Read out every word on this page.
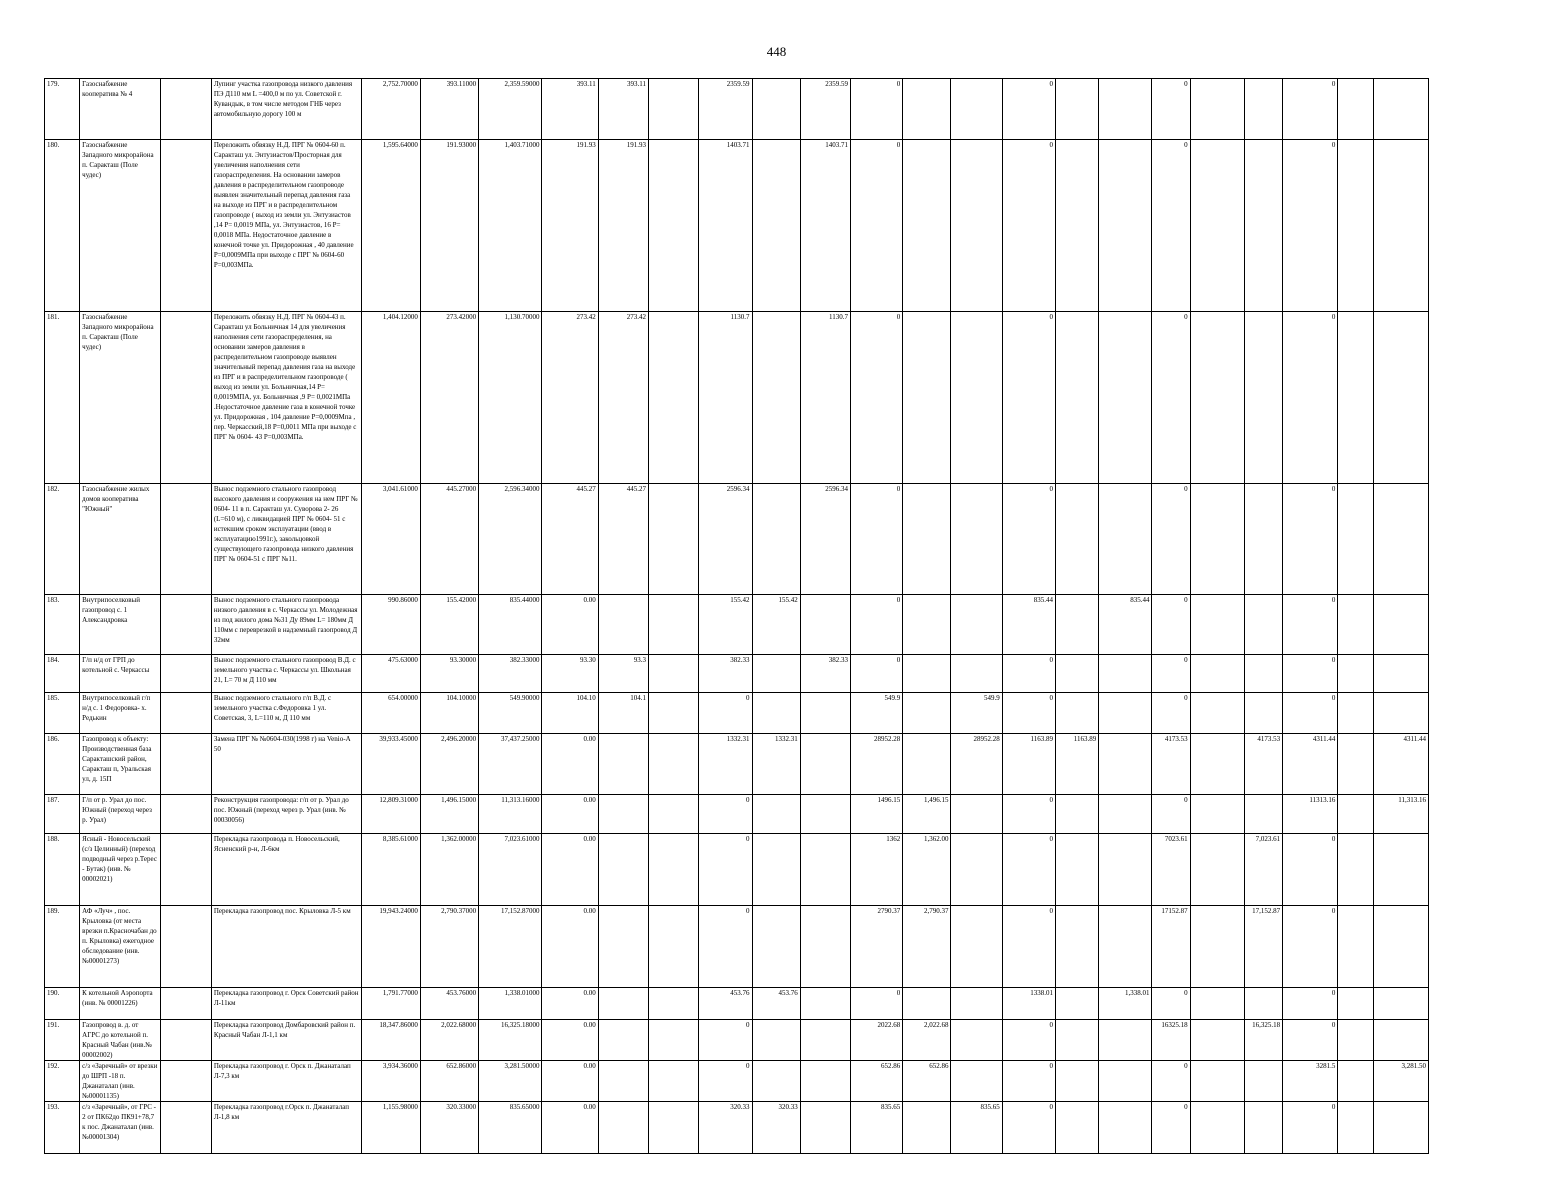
448
179.	Газоснабжение кооператива № 4		Лупинг участка газопровода низкого давления ПЭ Д110 мм L =400,0 м по ул. Советской г. Кувандык, в том числе методом ГНБ через автомобильную дорогу 100 м	2,752.70000	393.11000	2,359.59000	393.11	393.11		2359.59		2359.59	0			0			0			0		
180.	Газоснабжение Западного микрорайона п. Саракташ (Поле чудес)		Переложить обвязку Н.Д. ПРГ № 0604-60 п. Саракташ ул. Энтузиастов/Просторная для увеличения наполнения сети газораспределения. На основании замеров давления в распределительном газопроводе выявлен значительный перепад давления газа на выходе из ПРГ и в распределительном газопроводе ( выход из земли ул. Энтузиастов ,14 Р= 0,0019 МПа, ул. Энтузиастов, 16 Р= 0,0018 МПа. Недостаточное давление в конечной точке ул. Придорожная , 40 давление Р=0,0009МПа при выходе с ПРГ № 0604-60 Р=0,003МПа.	1,595.64000	191.93000	1,403.71000	191.93	191.93		1403.71		1403.71	0			0			0			0		
181.	Газоснабжение Западного микрорайона п. Саракташ (Поле чудес)		Переложить обвязку Н.Д. ПРГ № 0604-43 п. Саракташ ул Больничная 14 для увеличения наполнения сети газораспределения, на основании замеров давления в распределительном газопроводе выявлен значительный перепад давления газа на выходе из ПРГ и в распределительном газопроводе ( выход из земли ул. Больничная,14 Р= 0,0019МПА, ул. Больничная ,9 Р= 0,0021МПа .Недостаточное давление газа в конечной точке ул. Придорожная , 104 давление Р=0,0009Мпа , пер. Черкасский,18 Р=0,0011 МПа при выходе с ПРГ № 0604- 43 Р=0,003МПа.	1,404.12000	273.42000	1,130.70000	273.42	273.42		1130.7		1130.7	0			0			0			0		
182.	Газоснабжение жилых домов кооператива "Южный"		Вынос подземного стального газопровод высокого давления и сооружения на нем ПРГ № 0604- 11 в п. Саракташ ул. Суворова 2- 26 (L=610 м), с ликвидацией ПРГ № 0604- 51 с истекшим сроком эксплуатации (ввод в эксплуатацию1991г.), закольцовкой существующего газопровода низкого давления ПРГ № 0604-51 с ПРГ №11.	3,041.61000	445.27000	2,596.34000	445.27	445.27		2596.34		2596.34	0			0			0			0		
183.	Внутрипоселковый газопровод с. 1 Александровка		Вынос подземного стального газопровода низкого давления в с. Черкассы ул. Молодежная из под жилого дома №31 Ду 89мм L= 180мм Д 110мм с переврезкой в надземный газопровод Д 32мм	990.86000	155.42000	835.44000	0.00			155.42	155.42		0			835.44		835.44	0			0		
184.	Г/п н/д от ГРП до котельной с. Черкассы		Вынос подземного стального газопровод В.Д. с земельного участка с. Черкассы ул. Школьная 21, L= 70 м Д 110 мм	475.63000	93.30000	382.33000	93.30	93.3		382.33		382.33	0			0			0			0		
185.	Внутрипоселковый г/п н/д с. 1 Федоровка- х. Редькин		Вынос подземного стального г/п В.Д. с земельного участка с.Федоровка 1 ул. Советская, 3, L=110 м, Д 110 мм	654.00000	104.10000	549.90000	104.10	104.1		0			549.9		549.9	0			0			0		
186.	Газопровод к объекту: Производственная база Саракташский район, Саракташ п, Уральская ул, д. 15П		Замена ПРГ № №0604-030(1998 г) на Venio-A 50	39,933.45000	2,496.20000	37,437.25000	0.00			1332.31	1332.31		28952.28		28952.28	1163.89	1163.89		4173.53		4173.53	4311.44		4311.44
187.	Г/п от р. Урал до пос. Южный (переход через р. Урал)		Реконструкция газопровода: г/п от р. Урал до пос. Южный (переход через р. Урал (инв. № 00030056)	12,809.31000	1,496.15000	11,313.16000	0.00			0			1496.15	1,496.15		0			0			11313.16		11,313.16
188.	Ясный - Новосельский (с/з Целинный) (переход подводный через р.Терес - Бутак) (инв. № 00002021)		Перекладка газопровода п. Новосельский, Ясненский р-н, Л-6км	8,385.61000	1,362.00000	7,023.61000	0.00			0			1362	1,362.00		0			7023.61		7,023.61	0		
189.	АФ «Луч» , пос. Крыловка (от места врезки п.Красночабан до п. Крыловка) ежегодное обследование (инв. №00001273)		Перекладка газопровод пос. Крыловка Л-5 км	19,943.24000	2,790.37000	17,152.87000	0.00			0			2790.37	2,790.37		0			17152.87		17,152.87	0		
190.	К котельной Аэропорта (инв. № 00001226)		Перекладка газопровод г. Орск Советский район Л-11км	1,791.77000	453.76000	1,338.01000	0.00			453.76	453.76		0			1338.01		1,338.01	0			0		
191.	Газопровод в. д. от АГРС до котельной п. Красный Чабан (инв.№ 00002002)		Перекладка газопровод Домбаровский район п. Красный Чабан Л-1,1 км	18,347.86000	2,022.68000	16,325.18000	0.00			0			2022.68	2,022.68		0			16325.18		16,325.18	0		
192.	с/з «Заречный» от врезки до ШРП -18 п. Джанаталап (инв. №00001135)		Перекладка газопровод г. Орск п. Джанаталап Л-7,3 км	3,934.36000	652.86000	3,281.50000	0.00			0			652.86	652.86		0			0			3281.5		3,281.50
193.	с/з «Заречный», от ГРС - 2 от ПК62до ПК91+78,7 к пос. Джанаталап (инв. №00001304)		Перекладка газопровод г.Орск п. Джанаталап Л-1,8 км	1,155.98000	320.33000	835.65000	0.00			320.33	320.33		835.65		835.65	0			0			0		
